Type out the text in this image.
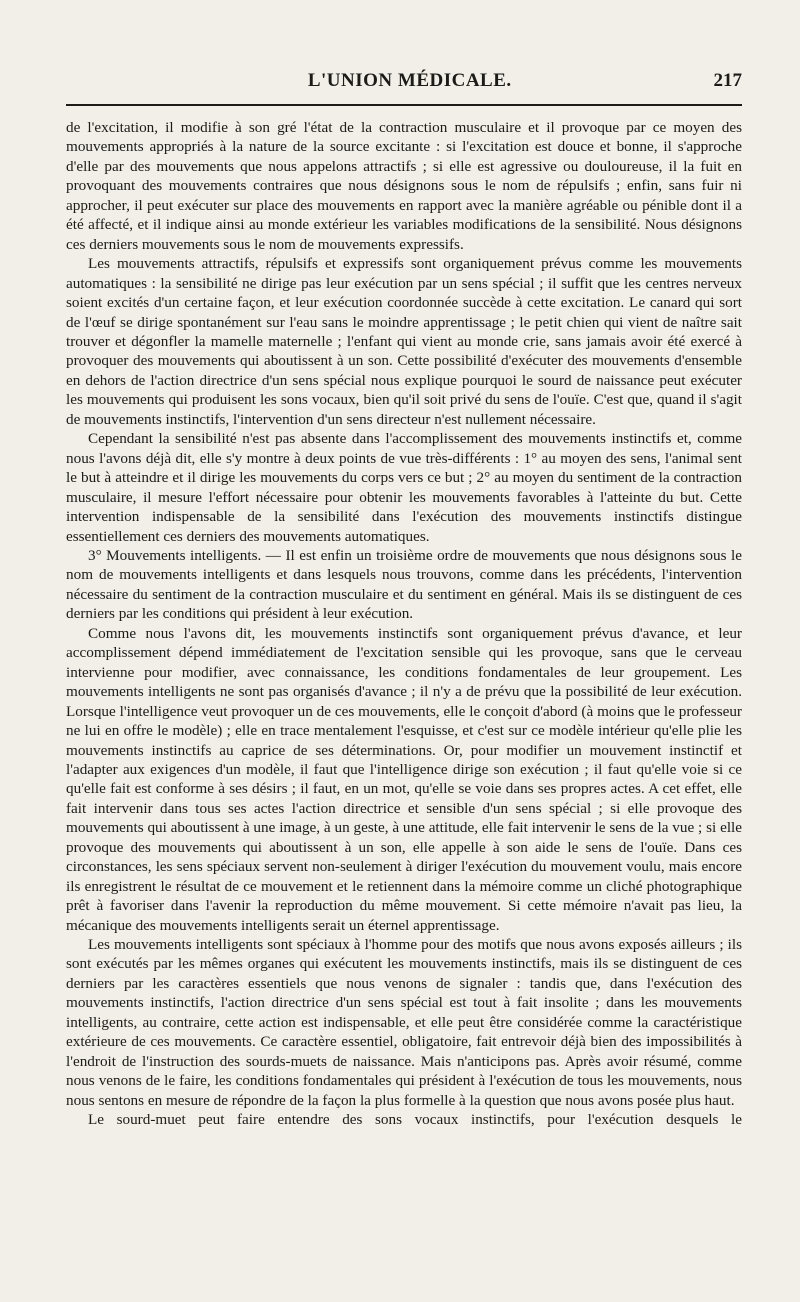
L'UNION MÉDICALE.	217

de l'excitation, il modifie à son gré l'état de la contraction musculaire et il provoque par ce moyen des mouvements appropriés à la nature de la source excitante : si l'excitation est douce et bonne, il s'approche d'elle par des mouvements que nous appelons attractifs ; si elle est agressive ou douloureuse, il la fuit en provoquant des mouvements contraires que nous désignons sous le nom de répulsifs ; enfin, sans fuir ni approcher, il peut exécuter sur place des mouvements en rapport avec la manière agréable ou pénible dont il a été affecté, et il indique ainsi au monde extérieur les variables modifications de la sensibilité. Nous désignons ces derniers mouvements sous le nom de mouvements expressifs.

Les mouvements attractifs, répulsifs et expressifs sont organiquement prévus comme les mouvements automatiques : la sensibilité ne dirige pas leur exécution par un sens spécial ; il suffit que les centres nerveux soient excités d'un certaine façon, et leur exécution coordonnée succède à cette excitation. Le canard qui sort de l'œuf se dirige spontanément sur l'eau sans le moindre apprentissage ; le petit chien qui vient de naître sait trouver et dégonfler la mamelle maternelle ; l'enfant qui vient au monde crie, sans jamais avoir été exercé à provoquer des mouvements qui aboutissent à un son. Cette possibilité d'exécuter des mouvements d'ensemble en dehors de l'action directrice d'un sens spécial nous explique pourquoi le sourd de naissance peut exécuter les mouvements qui produisent les sons vocaux, bien qu'il soit privé du sens de l'ouïe. C'est que, quand il s'agit de mouvements instinctifs, l'intervention d'un sens directeur n'est nullement nécessaire.

Cependant la sensibilité n'est pas absente dans l'accomplissement des mouvements instinctifs et, comme nous l'avons déjà dit, elle s'y montre à deux points de vue très-différents : 1° au moyen des sens, l'animal sent le but à atteindre et il dirige les mouvements du corps vers ce but ; 2° au moyen du sentiment de la contraction musculaire, il mesure l'effort nécessaire pour obtenir les mouvements favorables à l'atteinte du but. Cette intervention indispensable de la sensibilité dans l'exécution des mouvements instinctifs distingue essentiellement ces derniers des mouvements automatiques.

3° Mouvements intelligents. — Il est enfin un troisième ordre de mouvements que nous désignons sous le nom de mouvements intelligents et dans lesquels nous trouvons, comme dans les précédents, l'intervention nécessaire du sentiment de la contraction musculaire et du sentiment en général. Mais ils se distinguent de ces derniers par les conditions qui président à leur exécution.

Comme nous l'avons dit, les mouvements instinctifs sont organiquement prévus d'avance, et leur accomplissement dépend immédiatement de l'excitation sensible qui les provoque, sans que le cerveau intervienne pour modifier, avec connaissance, les conditions fondamentales de leur groupement. Les mouvements intelligents ne sont pas organisés d'avance ; il n'y a de prévu que la possibilité de leur exécution. Lorsque l'intelligence veut provoquer un de ces mouvements, elle le conçoit d'abord (à moins que le professeur ne lui en offre le modèle) ; elle en trace mentalement l'esquisse, et c'est sur ce modèle intérieur qu'elle plie les mouvements instinctifs au caprice de ses déterminations. Or, pour modifier un mouvement instinctif et l'adapter aux exigences d'un modèle, il faut que l'intelligence dirige son exécution ; il faut qu'elle voie si ce qu'elle fait est conforme à ses désirs ; il faut, en un mot, qu'elle se voie dans ses propres actes. A cet effet, elle fait intervenir dans tous ses actes l'action directrice et sensible d'un sens spécial ; si elle provoque des mouvements qui aboutissent à une image, à un geste, à une attitude, elle fait intervenir le sens de la vue ; si elle provoque des mouvements qui aboutissent à un son, elle appelle à son aide le sens de l'ouïe. Dans ces circonstances, les sens spéciaux servent non-seulement à diriger l'exécution du mouvement voulu, mais encore ils enregistrent le résultat de ce mouvement et le retiennent dans la mémoire comme un cliché photographique prêt à favoriser dans l'avenir la reproduction du même mouvement. Si cette mémoire n'avait pas lieu, la mécanique des mouvements intelligents serait un éternel apprentissage.

Les mouvements intelligents sont spéciaux à l'homme pour des motifs que nous avons exposés ailleurs ; ils sont exécutés par les mêmes organes qui exécutent les mouvements instinctifs, mais ils se distinguent de ces derniers par les caractères essentiels que nous venons de signaler : tandis que, dans l'exécution des mouvements instinctifs, l'action directrice d'un sens spécial est tout à fait insolite ; dans les mouvements intelligents, au contraire, cette action est indispensable, et elle peut être considérée comme la caractéristique extérieure de ces mouvements. Ce caractère essentiel, obligatoire, fait entrevoir déjà bien des impossibilités à l'endroit de l'instruction des sourds-muets de naissance. Mais n'anticipons pas. Après avoir résumé, comme nous venons de le faire, les conditions fondamentales qui président à l'exécution de tous les mouvements, nous nous sentons en mesure de répondre de la façon la plus formelle à la question que nous avons posée plus haut.

Le sourd-muet peut faire entendre des sons vocaux instinctifs, pour l'exécution desquels le
